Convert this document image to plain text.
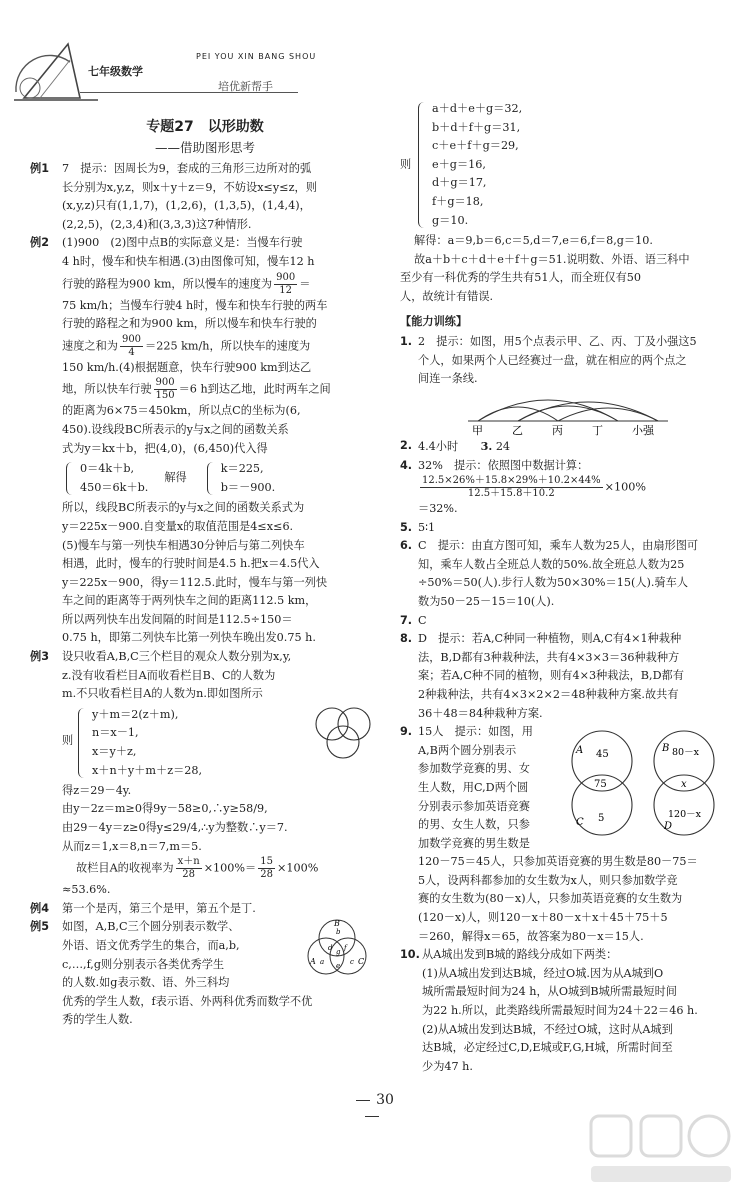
七年级数学
PEI YOU XIN BANG SHOU
培优新帮手
专题27　以形助数
——借助图形思考
例1 7　提示：因周长为9，套成的三角形三边所对的弧

长分别为x,y,z，则x＋y＋z＝9，不妨设x≤y≤z，则

(x,y,z)只有(1,1,7)，(1,2,6)，(1,3,5)，(1,4,4)，

(2,2,5)，(2,3,4)和(3,3,3)这7种情形.

例2 (1)900　(2)图中点B的实际意义是：当慢车行驶

4 h时，慢车和快车相遇.(3)由图像可知，慢车12 h

行驶的路程为900 km，所以慢车的速度为 $\frac{900}{12}$ ＝

75 km/h；当慢车行驶4 h时，慢车和快车行驶的两车

行驶的路程之和为900 km，所以慢车和快车行驶的

速度之和为 $\frac{900}{4} =225$ km/h，所以快车的速度为

150 km/h.(4)根据题意，快车行驶900 km到达乙

地，所以快车行驶 $\frac{900}{150} =6$ h到达乙地，此时两车之间

的距离为6×75＝450km，所以点C的坐标为(6,

450).设线段BC所表示的y与x之间的函数关系

式为y＝kx＋b，把(4,0)，(6,450)代入得

0＝4k＋b,

450＝6k＋b.

解得

k＝225,

b＝－900.

所以，线段BC所表示的y与x之间的函数关系式为

y＝225x－900.自变量x的取值范围是4≤x≤6.

(5)慢车与第一列快车相遇30分钟后与第二列快车

相遇，此时，慢车的行驶时间是4.5 h.把x＝4.5代入

y＝225x－900，得y＝112.5.此时，慢车与第一列快

车之间的距离等于两列快车之间的距离112.5 km，

所以两列快车出发间隔的时间是112.5÷150＝

0.75 h，即第二列快车比第一列快车晚出发0.75 h.

例3 设只收看A,B,C三个栏目的观众人数分别为x,y,

z.没有收看栏目A而收看栏目B、C的人数为

m.不只收看栏目A的人数为n.即如图所示

则

y＋m＝2(z＋m),

n＝x－1,

x＝y＋z,

x＋n＋y＋m＋z＝28,

得z＝29－4y.

由y－2z＝m≥0得9y－58≥0,∴y≥58/9,

由29－4y＝z≥0得y≤29/4,∴y为整数∴y＝7.

从而z＝1,x＝8,n＝7,m＝5.

故栏目A的收视率为 $\frac{x+n}{28} \times 100\%= \frac{15}{28} \times 100\%$

≈53.6%.

例4 第一个是丙，第三个是甲，第五个是丁.

例5 如图，A,B,C三个圆分别表示数学、

外语、语文优秀学生的集合，而a,b,

c,…,f,g则分别表示各类优秀学生

的人数.如g表示数、语、外三科均

优秀的学生人数，f表示语、外两科优秀而数学不优

秀的学生人数.

B
b
A a	C
c
d f
g
e
则

a＋d＋e＋g＝32,

b＋d＋f＋g＝31,

c＋e＋f＋g＝29,

e＋g＝16,

d＋g＝17,

f＋g＝18,

g＝10.

解得：a＝9,b＝6,c＝5,d＝7,e＝6,f＝8,g＝10.

故a＋b＋c＋d＋e＋f＋g＝51.说明数、外语、语三科中

至少有一科优秀的学生共有51人，而全班仅有50

人，故统计有错误.

【能力训练】
1. 2　提示：如图，用5个点表示甲、乙、丙、丁及小强这5

个人，如果两个人已经赛过一盘，就在相应的两个点之

间连一条线.

甲	乙	丙	丁	小强
2. 4.4小时　　 3. 24

4. 32%　提示：依照图中数据计算：

$\frac{12.5\times 26\%+15.8\times 29\%+10.2\times 44\%}{12.5+15.8+10.2} \times 100\%$

＝32%.

5. 5∶1

6. C　提示：由直方图可知，乘车人数为25人，由扇形图可

知，乘车人数占全班总人数的50%.故全班总人数为25

÷50%＝50(人).步行人数为50×30%＝15(人).骑车人

数为50－25－15＝10(人).

7. C

8. D　提示：若A,C种同一种植物，则A,C有4×1种栽种

法，B,D都有3种栽种法，共有4×3×3＝36种栽种方

案；若A,C种不同的植物，则有4×3种栽法，B,D都有

2种栽种法，共有4×3×2×2＝48种栽种方案.故共有

36＋48＝84种栽种方案.

9. 15人　提示：如图，用

A,B两个圆分别表示

参加数学竞赛的男、女

生人数，用C,D两个圆

分别表示参加英语竞赛

的男、女生人数，只参

加数学竞赛的男生数是

A 45
75
C 5
B 80－x
x
120－x
D

120－75＝45人，只参加英语竞赛的男生数是80－75＝

5人，设两科都参加的女生数为x人，则只参加数学竞

赛的女生数为(80－x)人，只参加英语竞赛的女生数为

(120－x)人，则120－x＋80－x＋x＋45＋75＋5

＝260，解得x＝65，故答案为80－x＝15人.

10. 从A城出发到B城的路线分成如下两类：

(1)从A城出发到达B城，经过O城.因为从A城到O

城所需最短时间为24 h，从O城到B城所需最短时间

为22 h.所以，此类路线所需最短时间为24＋22＝46 h.

(2)从A城出发到达B城，不经过O城，这时从A城到

达B城，必定经过C,D,E城或F,G,H城，所需时间至

少为47 h.

30
